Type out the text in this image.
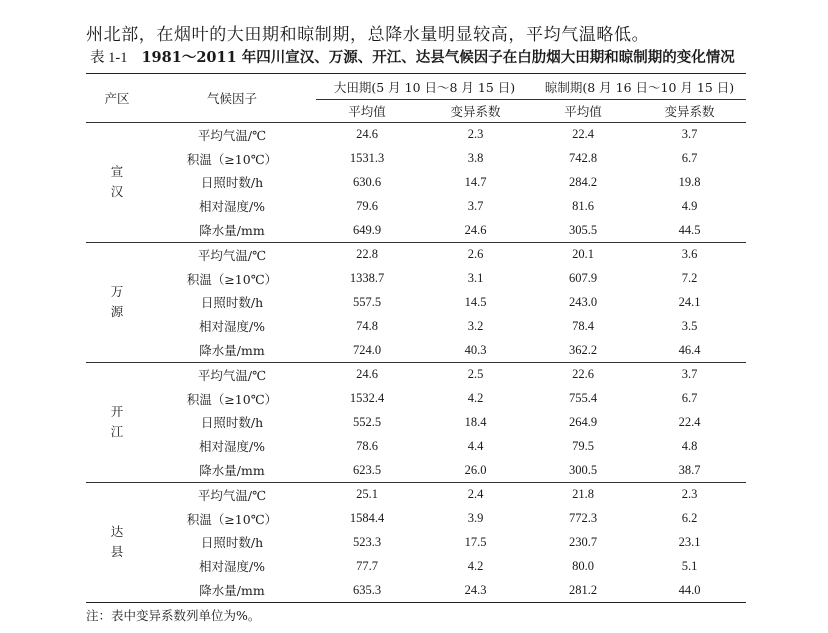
州北部，在烟叶的大田期和晾制期，总降水量明显较高，平均气温略低。

表 1-1 1981～2011 年四川宣汉、万源、开江、达县气候因子在白肋烟大田期和晾制期的变化情况
产区	气候因子	大田期(5 月 10 日～8 月 15 日)		晾制期(8 月 16 日～10 月 15 日)	
		平均值	变异系数	平均值	变异系数

宣
汉	平均气温/℃	24.6	2.3	22.4	3.7
	积温（≥10℃）	1531.3	3.8	742.8	6.7
	日照时数/h	630.6	14.7	284.2	19.8
	相对湿度/%	79.6	3.7	81.6	4.9
	降水量/mm	649.9	24.6	305.5	44.5

万
源	平均气温/℃	22.8	2.6	20.1	3.6
	积温（≥10℃）	1338.7	3.1	607.9	7.2
	日照时数/h	557.5	14.5	243.0	24.1
	相对湿度/%	74.8	3.2	78.4	3.5
	降水量/mm	724.0	40.3	362.2	46.4

开
江	平均气温/℃	24.6	2.5	22.6	3.7
	积温（≥10℃）	1532.4	4.2	755.4	6.7
	日照时数/h	552.5	18.4	264.9	22.4
	相对湿度/%	78.6	4.4	79.5	4.8
	降水量/mm	623.5	26.0	300.5	38.7

达
县	平均气温/℃	25.1	2.4	21.8	2.3
	积温（≥10℃）	1584.4	3.9	772.3	6.2
	日照时数/h	523.3	17.5	230.7	23.1
	相对湿度/%	77.7	4.2	80.0	5.1
	降水量/mm	635.3	24.3	281.2	44.0
注：表中变异系数列单位为%。
